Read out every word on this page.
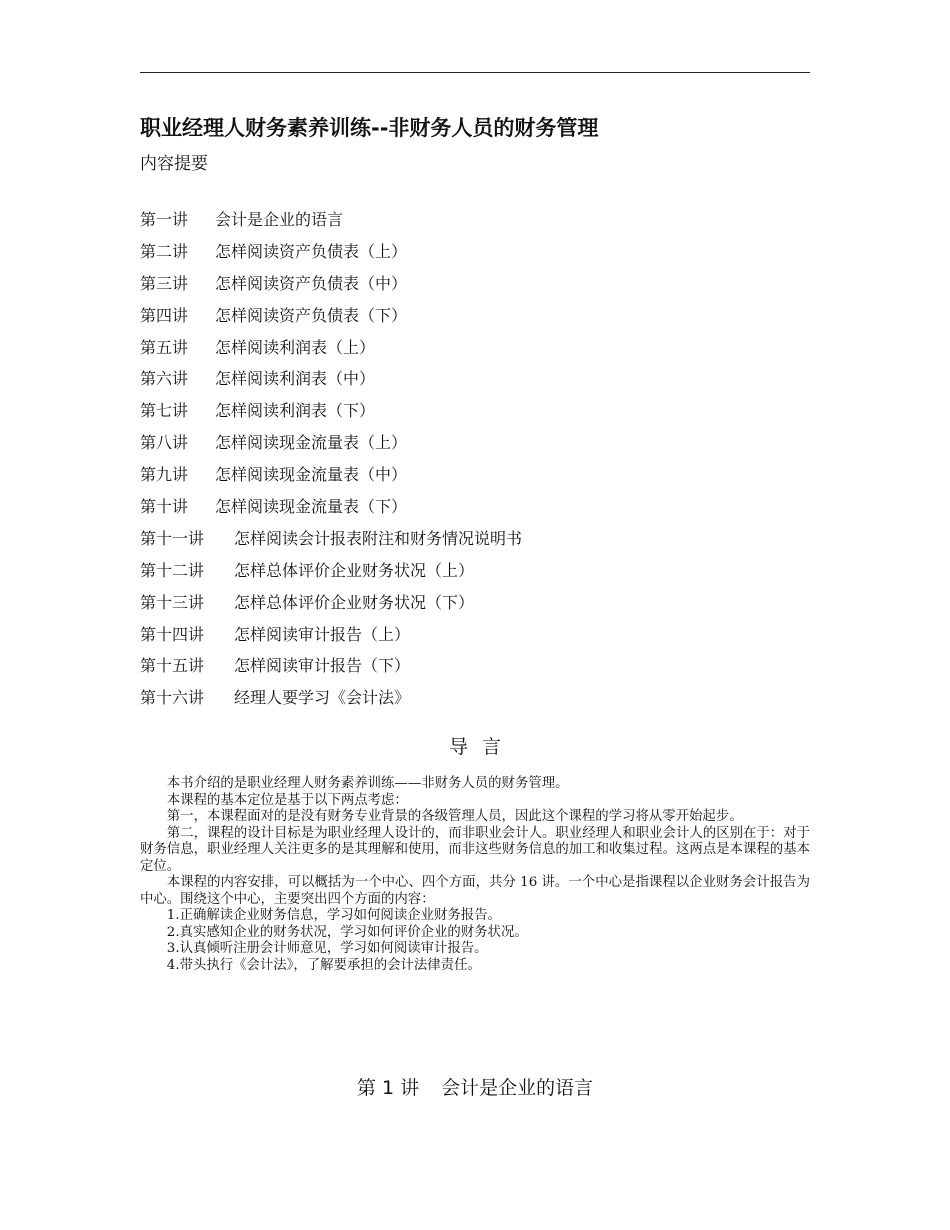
职业经理人财务素养训练--非财务人员的财务管理
内容提要
第一讲 会计是企业的语言
第二讲 怎样阅读资产负债表（上）
第三讲 怎样阅读资产负债表（中）
第四讲 怎样阅读资产负债表（下）
第五讲 怎样阅读利润表（上）
第六讲 怎样阅读利润表（中）
第七讲 怎样阅读利润表（下）
第八讲 怎样阅读现金流量表（上）
第九讲 怎样阅读现金流量表（中）
第十讲 怎样阅读现金流量表（下）
第十一讲 怎样阅读会计报表附注和财务情况说明书
第十二讲 怎样总体评价企业财务状况（上）
第十三讲 怎样总体评价企业财务状况（下）
第十四讲 怎样阅读审计报告（上）
第十五讲 怎样阅读审计报告（下）
第十六讲 经理人要学习《会计法》
导言

本书介绍的是职业经理人财务素养训练——非财务人员的财务管理。

本课程的基本定位是基于以下两点考虑：

第一，本课程面对的是没有财务专业背景的各级管理人员，因此这个课程的学习将从零开始起步。

第二，课程的设计目标是为职业经理人设计的，而非职业会计人。职业经理人和职业会计人的区别在于：对于财务信息，职业经理人关注更多的是其理解和使用，而非这些财务信息的加工和收集过程。这两点是本课程的基本定位。

本课程的内容安排，可以概括为一个中心、四个方面，共分 16 讲。一个中心是指课程以企业财务会计报告为中心。围绕这个中心，主要突出四个方面的内容：

1.正确解读企业财务信息，学习如何阅读企业财务报告。

2.真实感知企业的财务状况，学习如何评价企业的财务状况。

3.认真倾听注册会计师意见，学习如何阅读审计报告。

4.带头执行《会计法》，了解要承担的会计法律责任。

第 1 讲 会计是企业的语言
